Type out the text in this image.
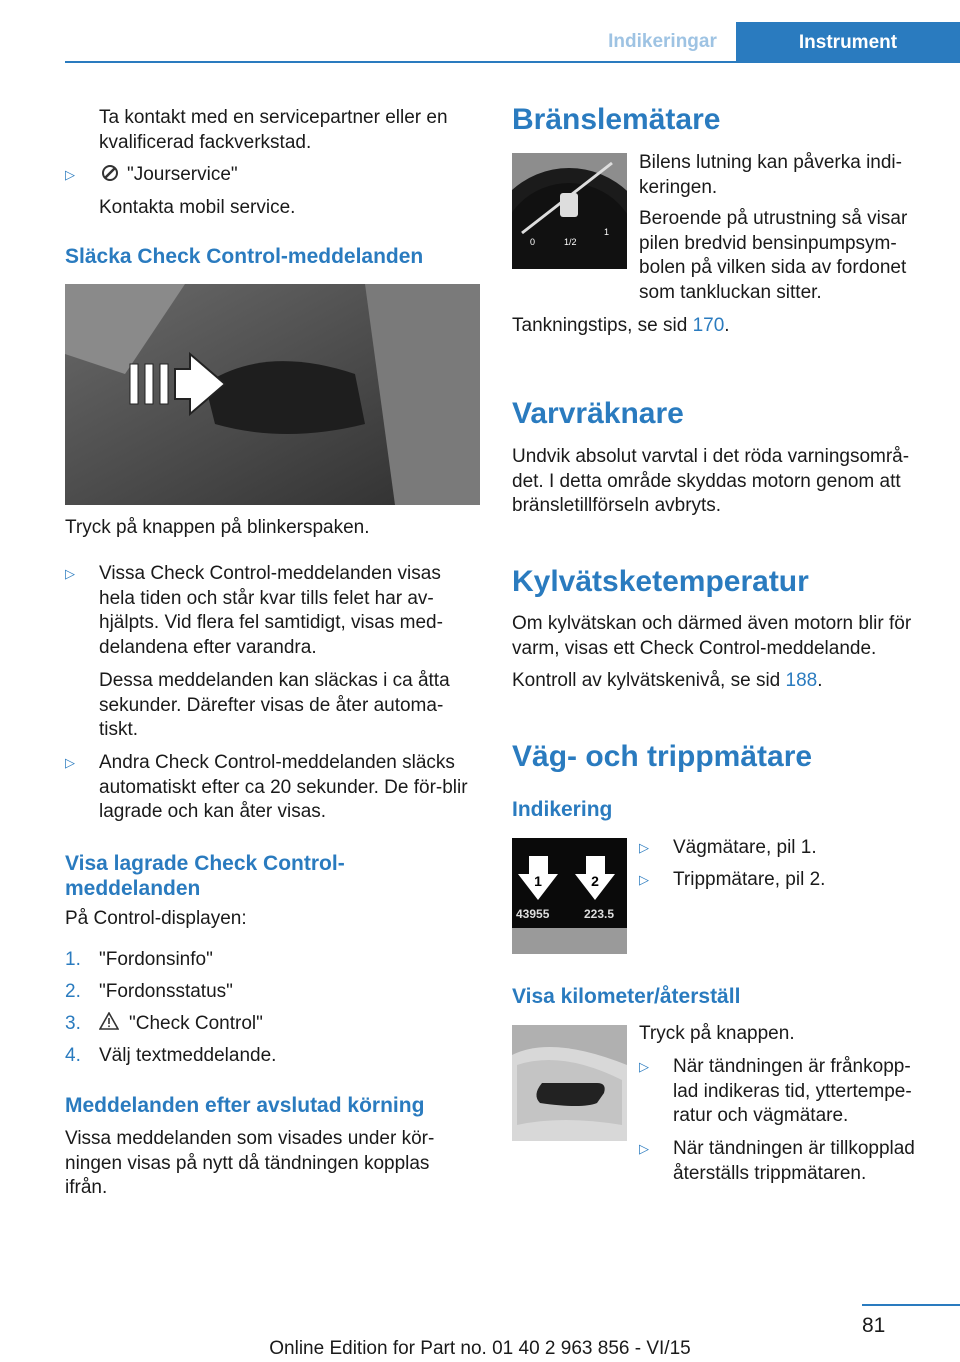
Indikeringar	Instrument

Ta kontakt med en servicepartner eller en kvalificerad fackverkstad.

▷	"Jourservice"

Kontakta mobil service.

Släcka Check Control-meddelanden

Tryck på knappen på blinkerspaken.

▷	Vissa Check Control-meddelanden visas hela tiden och står kvar tills felet har av-hjälpts. Vid flera fel samtidigt, visas med-delandena efter varandra.

Dessa meddelanden kan släckas i ca åtta sekunder. Därefter visas de åter automa-tiskt.

▷	Andra Check Control-meddelanden släcks automatiskt efter ca 20 sekunder. De för-blir lagrade och kan åter visas.
Visa lagrade Check Control-meddelanden

På Control-displayen:

1. "Fordonsinfo"
2. "Fordonsstatus"
3.	"Check Control"
4. Välj textmeddelande.
Meddelanden efter avslutad körning

Vissa meddelanden som visades under kör-ningen visas på nytt då tändningen kopplas ifrån.

Bränslemätare
0	1/2
1

Bilens lutning kan påverka indi-keringen.

Beroende på utrustning så visar pilen bredvid bensinpumpsym-bolen på vilken sida av fordonet som tankluckan sitter.

Tankningstips, se sid 170.

Varvräknare

Undvik absolut varvtal i det röda varningsområ-det. I detta område skyddas motorn genom att bränsletillförseln avbryts.

Kylvätsketemperatur

Om kylvätskan och därmed även motorn blir för varm, visas ett Check Control-meddelande.

Kontroll av kylvätskenivå, se sid 188.

Väg- och trippmätare
Indikering
1	2
43955	223.5
▷	Vägmätare, pil 1.
▷	Trippmätare, pil 2.
Visa kilometer/återställ

Tryck på knappen.

▷	När tändningen är frånkopp-lad indikeras tid, yttertempe-ratur och vägmätare.
▷	När tändningen är tillkopplad återställs trippmätaren.
81
Online Edition for Part no. 01 40 2 963 856 - VI/15
